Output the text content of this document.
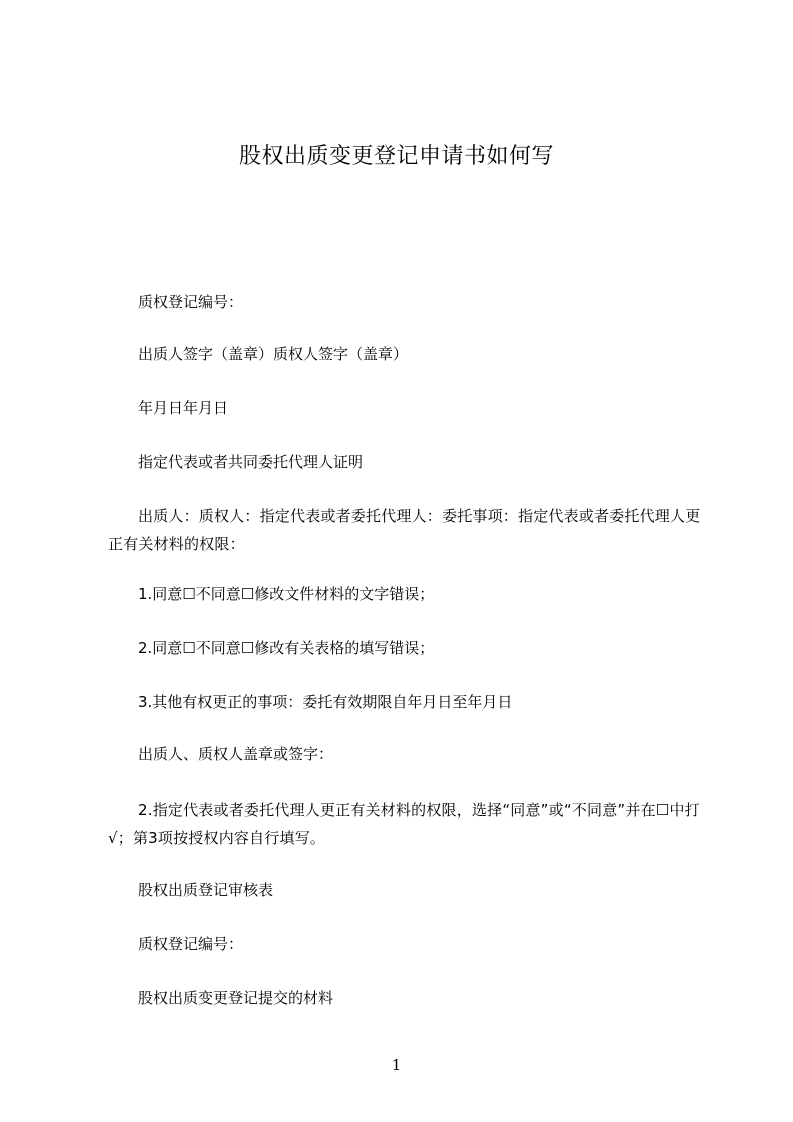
股权出质变更登记申请书如何写
质权登记编号：
出质人签字（盖章）质权人签字（盖章）
年月日年月日
指定代表或者共同委托代理人证明
出质人：质权人：指定代表或者委托代理人：委托事项：指定代表或者委托代理人更正有关材料的权限：
1.同意☐不同意☐修改文件材料的文字错误；
2.同意☐不同意☐修改有关表格的填写错误；
3.其他有权更正的事项：委托有效期限自年月日至年月日
出质人、质权人盖章或签字：
2.指定代表或者委托代理人更正有关材料的权限，选择“同意”或“不同意”并在☐中打√；第3项按授权内容自行填写。
股权出质登记审核表
质权登记编号：
股权出质变更登记提交的材料
1
